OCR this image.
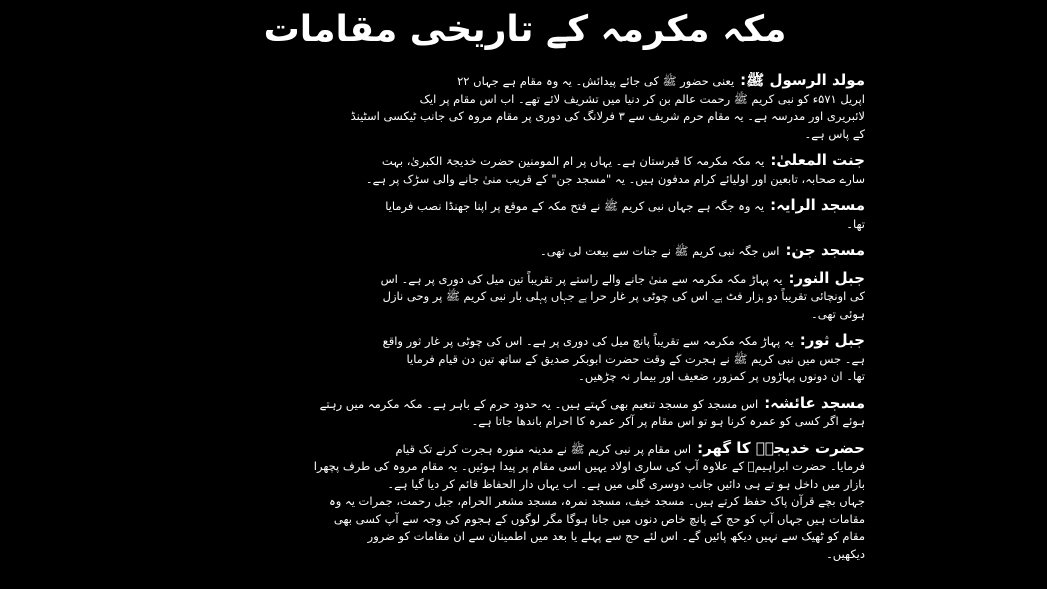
مکہ مکرمہ کے تاریخی مقامات
مولد الرسول ﷺ:یعنی حضور ﷺ کی جائے پیدائش۔ یہ وہ مقام ہے جہاں ۲۲
اپریل ۵۷۱ء کو نبی کریم ﷺ رحمت عالم بن کر دنیا میں تشریف لائے تھے۔ اب اس مقام پر ایک
لائبریری اور مدرسہ ہے۔ یہ مقام حرم شریف سے ۳ فرلانگ کی دوری پر مقام مروہ کی جانب ٹیکسی اسٹینڈ
کے پاس ہے۔
جنت المعلیٰ:یہ مکہ مکرمہ کا قبرستان ہے۔ یہاں پر ام المومنین حضرت خدیجۃ الکبریٰ، بہت
سارے صحابہ، تابعین اور اولیائے کرام مدفون ہیں۔ یہ "مسجد جن" کے قریب منیٰ جانے والی سڑک پر ہے۔
مسجد الرایہ:یہ وہ جگہ ہے جہاں نبی کریم ﷺ نے فتح مکہ کے موقع پر اپنا جھنڈا نصب فرمایا
تھا۔
مسجد جن:اس جگہ نبی کریم ﷺ نے جنات سے بیعت لی تھی۔
جبل النور:یہ پہاڑ مکہ مکرمہ سے منیٰ جانے والے راستے پر تقریباً تین میل کی دوری پر ہے۔ اس
کی اونچائی تقریباً دو ہزار فٹ ہے۔ اس کی چوٹی پر غار حرا ہے جہاں پہلی بار نبی کریم ﷺ پر وحی نازل
ہوئی تھی۔
جبل ثور:یہ پہاڑ مکہ مکرمہ سے تقریباً پانچ میل کی دوری پر ہے۔ اس کی چوٹی پر غار ثور واقع
ہے۔ جس میں نبی کریم ﷺ نے ہجرت کے وقت حضرت ابوبکر صدیق کے ساتھ تین دن قیام فرمایا
تھا۔ ان دونوں پہاڑوں پر کمزور، ضعیف اور بیمار نہ چڑھیں۔
مسجد عائشہ:اس مسجد کو مسجد تنعیم بھی کہتے ہیں۔ یہ حدود حرم کے باہر ہے۔ مکہ مکرمہ میں رہتے
ہوئے اگر کسی کو عمرہ کرنا ہو تو اس مقام پر آکر عمرہ کا احرام باندھا جاتا ہے۔
حضرت خدیجہؓ کا گھر:اس مقام پر نبی کریم ﷺ نے مدینہ منورہ ہجرت کرنے تک قیام
فرمایا۔ حضرت ابراہیمؓ کے علاوہ آپ کی ساری اولاد یہیں اسی مقام پر پیدا ہوئیں۔ یہ مقام مروہ کی طرف پچھرا
بازار میں داخل ہو تے ہی دائیں جانب دوسری گلی میں ہے۔ اب یہاں دار الحفاظ قائم کر دیا گیا ہے۔
جہاں بچے قرآن پاک حفظ کرتے ہیں۔ مسجد خیف، مسجد نمرہ، مسجد مشعر الحرام، جبل رحمت، جمرات یہ وہ
مقامات ہیں جہاں آپ کو حج کے پانچ خاص دنوں میں جانا ہوگا مگر لوگوں کے ہجوم کی وجہ سے آپ کسی بھی
مقام کو ٹھیک سے نہیں دیکھ پائیں گے۔ اس لئے حج سے پہلے یا بعد میں اطمینان سے ان مقامات کو ضرور
دیکھیں۔
